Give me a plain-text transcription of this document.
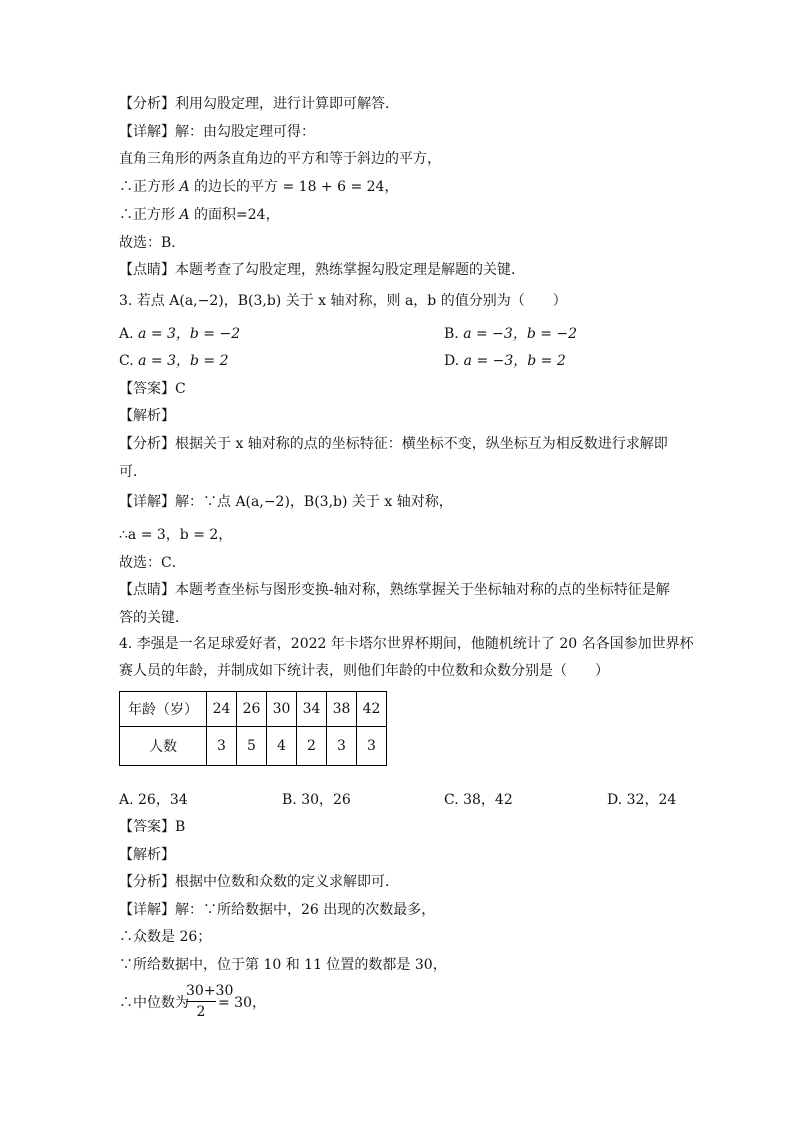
【分析】利用勾股定理，进行计算即可解答．
【详解】解：由勾股定理可得：
直角三角形的两条直角边的平方和等于斜边的平方，
∴正方形 A 的边长的平方 = 18 + 6 = 24，
∴正方形 A 的面积=24，
故选：B．
【点睛】本题考查了勾股定理，熟练掌握勾股定理是解题的关键．
3. 若点 A(a,−2)，B(3,b) 关于 x 轴对称，则 a，b 的值分别为（　　）
A. a = 3，b = −2	B. a = −3，b = −2
C. a = 3，b = 2	D. a = −3，b = 2
【答案】C
【解析】
【分析】根据关于 x 轴对称的点的坐标特征：横坐标不变，纵坐标互为相反数进行求解即
可．
【详解】解：∵点 A(a,−2)，B(3,b) 关于 x 轴对称，
∴a = 3，b = 2，
故选：C．
【点睛】本题考查坐标与图形变换-轴对称，熟练掌握关于坐标轴对称的点的坐标特征是解
答的关键．
4. 李强是一名足球爱好者，2022 年卡塔尔世界杯期间，他随机统计了 20 名各国参加世界杯
赛人员的年龄，并制成如下统计表，则他们年龄的中位数和众数分别是（　　）
年龄（岁）	24	26	30	34	38	42
人数	3	5	4	2	3	3
A. 26，34	B. 30，26	C. 38，42	D. 32，24
【答案】B
【解析】
【分析】根据中位数和众数的定义求解即可．
【详解】解：∵所给数据中，26 出现的次数最多，
∴众数是 26；
∵所给数据中，位于第 10 和 11 位置的数都是 30，
∴中位数为
30+30
2
= 30，
